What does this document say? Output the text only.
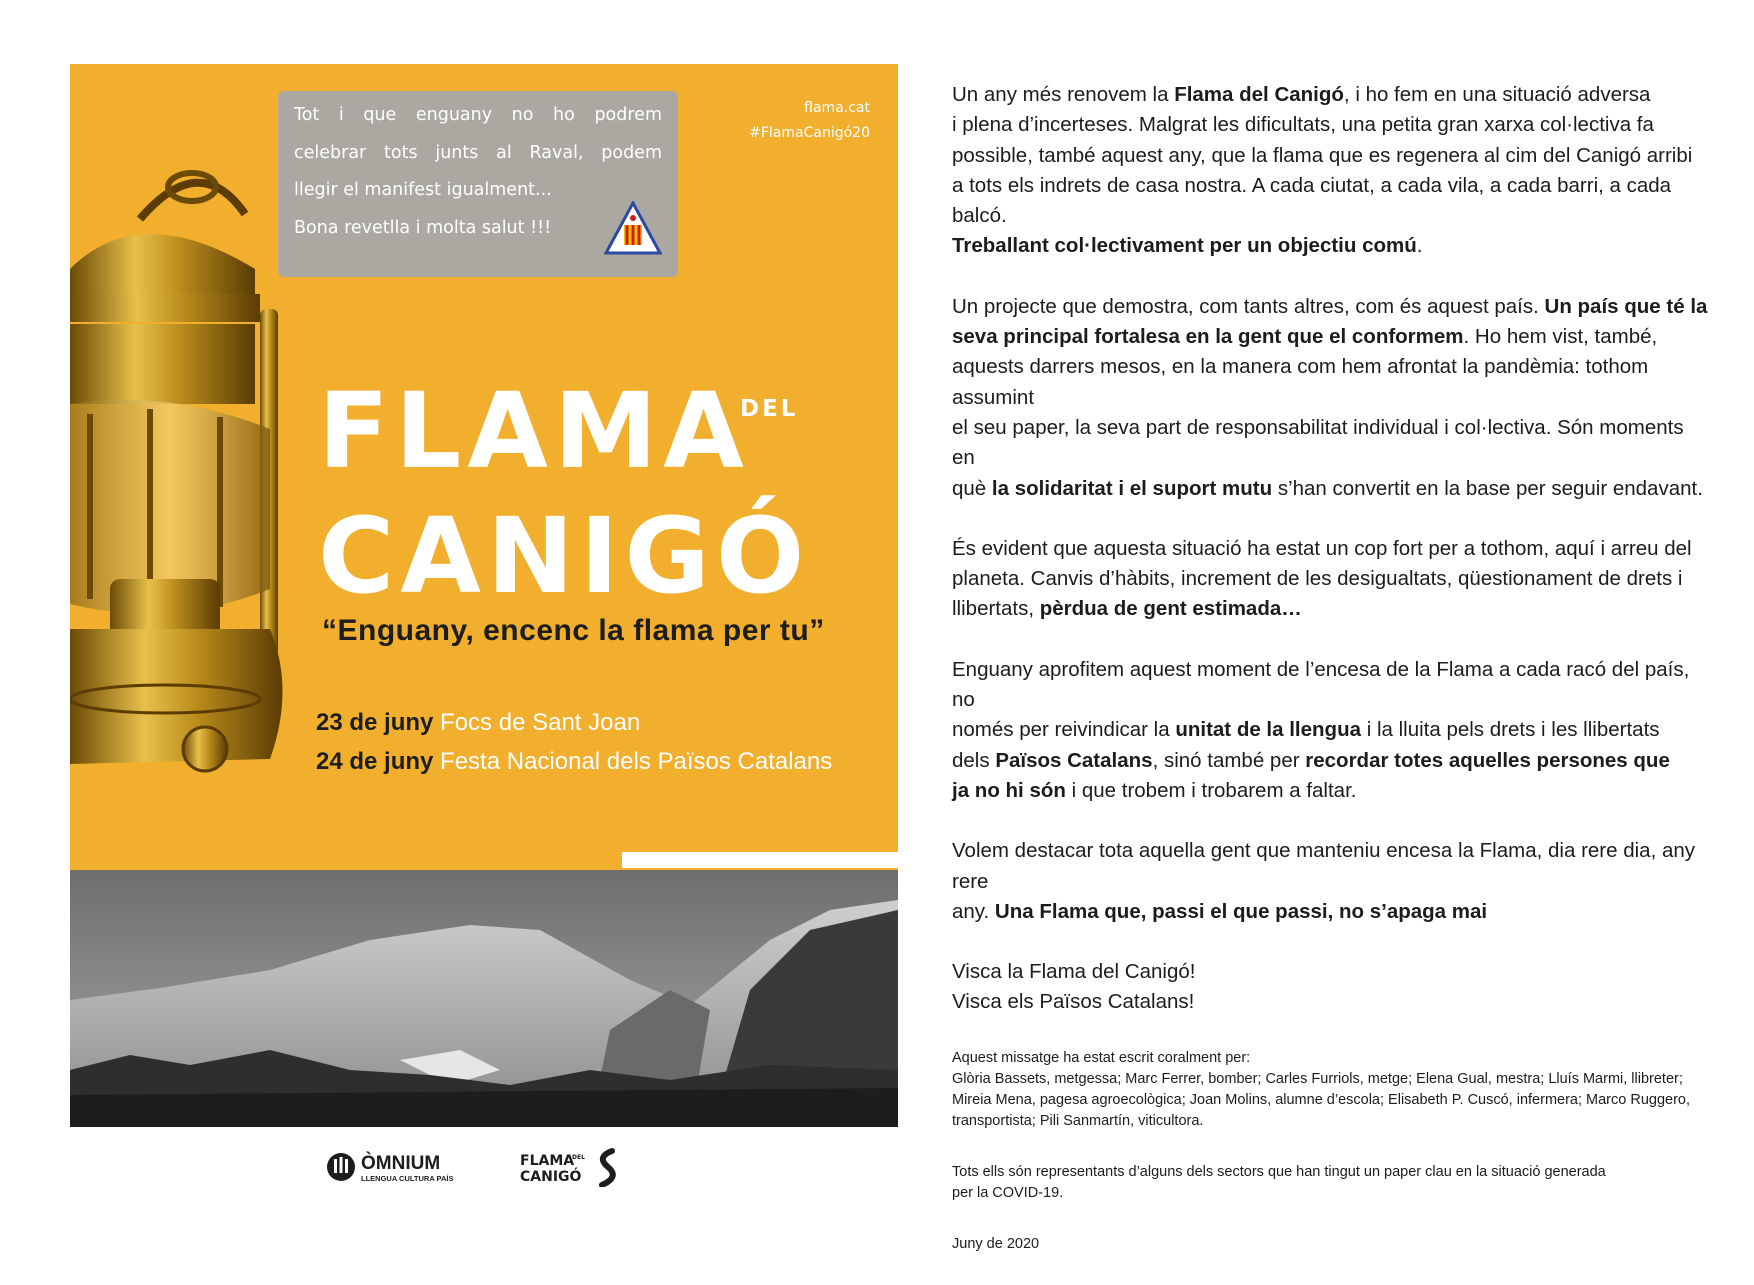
Tot i que enguany no ho podrem
celebrar tots junts al Raval, podem
llegir el manifest igualment...
Bona revetlla i molta salut !!!
flama.cat
#FlamaCanigó20
FLAMA
DEL
CANIGÓ
“Enguany, encenc la flama per tu”
23 de juny Focs de Sant Joan
24 de juny Festa Nacional dels Països Catalans
ÒMNIUM
LLENGUA CULTURA PAÍS
FLAMA
DEL
CANIGÓ

Un any més renovem la Flama del Canigó, i ho fem en una situació adversa
i plena d’incerteses. Malgrat les dificultats, una petita gran xarxa col·lectiva fa
possible, també aquest any, que la flama que es regenera al cim del Canigó arribi
a tots els indrets de casa nostra. A cada ciutat, a cada vila, a cada barri, a cada balcó.
Treballant col·lectivament per un objectiu comú.

Un projecte que demostra, com tants altres, com és aquest país. Un país que té la
seva principal fortalesa en la gent que el conformem. Ho hem vist, també,
aquests darrers mesos, en la manera com hem afrontat la pandèmia: tothom assumint
el seu paper, la seva part de responsabilitat individual i col·lectiva. Són moments en
què la solidaritat i el suport mutu s’han convertit en la base per seguir endavant.

És evident que aquesta situació ha estat un cop fort per a tothom, aquí i arreu del
planeta. Canvis d’hàbits, increment de les desigualtats, qüestionament de drets i
llibertats, pèrdua de gent estimada…

Enguany aprofitem aquest moment de l’encesa de la Flama a cada racó del país, no
només per reivindicar la unitat de la llengua i la lluita pels drets i les llibertats
dels Països Catalans, sinó també per recordar totes aquelles persones que
ja no hi són i que trobem i trobarem a faltar.

Volem destacar tota aquella gent que manteniu encesa la Flama, dia rere dia, any rere
any. Una Flama que, passi el que passi, no s’apaga mai

Visca la Flama del Canigó!
Visca els Països Catalans!

Aquest missatge ha estat escrit coralment per:
Glòria Bassets, metgessa; Marc Ferrer, bomber; Carles Furriols, metge; Elena Gual, mestra; Lluís Marmi, llibreter;
Mireia Mena, pagesa agroecològica; Joan Molins, alumne d’escola; Elisabeth P. Cuscó, infermera; Marco Ruggero,
transportista; Pili Sanmartín, viticultora.

Tots ells són representants d’alguns dels sectors que han tingut un paper clau en la situació generada
per la COVID-19.

Juny de 2020
